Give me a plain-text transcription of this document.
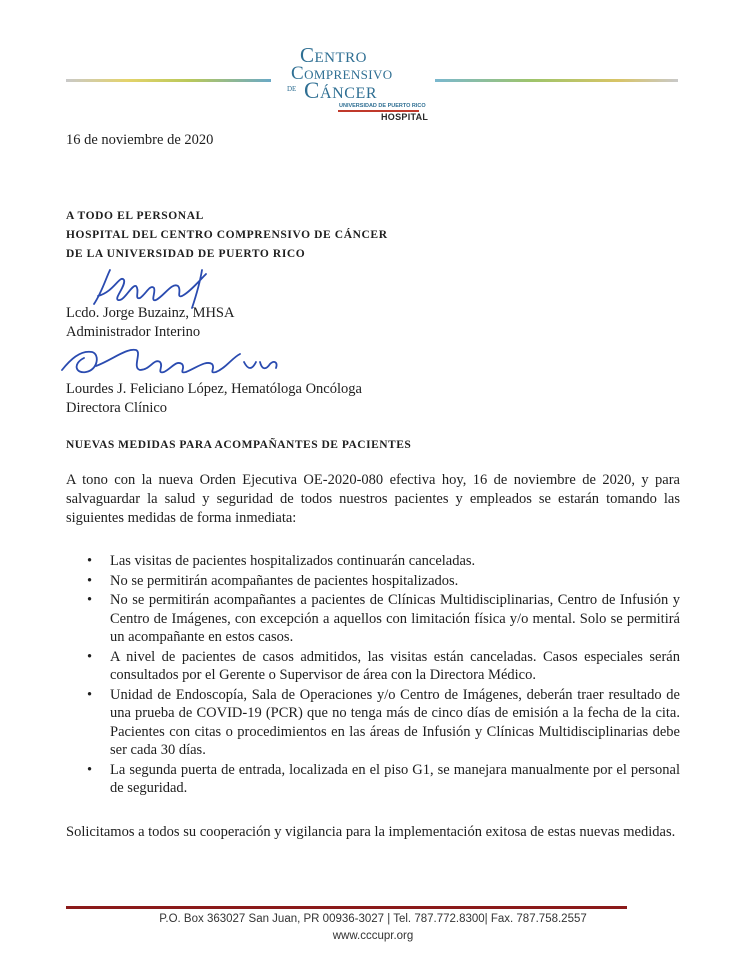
Centro
Comprensivo
DE Cáncer
UNIVERSIDAD DE PUERTO RICO
HOSPITAL
16 de noviembre de 2020
A TODO EL PERSONAL
HOSPITAL DEL CENTRO COMPRENSIVO DE CÁNCER
DE LA UNIVERSIDAD DE PUERTO RICO
Lcdo. Jorge Buzainz, MHSA
Administrador Interino
Lourdes J. Feliciano López, Hematóloga Oncóloga
Directora Clínico
NUEVAS MEDIDAS PARA ACOMPAÑANTES DE PACIENTES
A tono con la nueva Orden Ejecutiva OE-2020-080 efectiva hoy, 16 de noviembre de 2020, y para salvaguardar la salud y seguridad de todos nuestros pacientes y empleados se estarán tomando las siguientes medidas de forma inmediata:
• Las visitas de pacientes hospitalizados continuarán canceladas.
• No se permitirán acompañantes de pacientes hospitalizados.
• No se permitirán acompañantes a pacientes de Clínicas Multidisciplinarias, Centro de Infusión y Centro de Imágenes, con excepción a aquellos con limitación física y/o mental. Solo se permitirá un acompañante en estos casos.
• A nivel de pacientes de casos admitidos, las visitas están canceladas. Casos especiales serán consultados por el Gerente o Supervisor de área con la Directora Médico.
• Unidad de Endoscopía, Sala de Operaciones y/o Centro de Imágenes, deberán traer resultado de una prueba de COVID-19 (PCR) que no tenga más de cinco días de emisión a la fecha de la cita. Pacientes con citas o procedimientos en las áreas de Infusión y Clínicas Multidisciplinarias debe ser cada 30 días.
• La segunda puerta de entrada, localizada en el piso G1, se manejara manualmente por el personal de seguridad.
Solicitamos a todos su cooperación y vigilancia para la implementación exitosa de estas nuevas medidas.
P.O. Box 363027 San Juan, PR 00936-3027 | Tel. 787.772.8300| Fax. 787.758.2557
www.cccupr.org
